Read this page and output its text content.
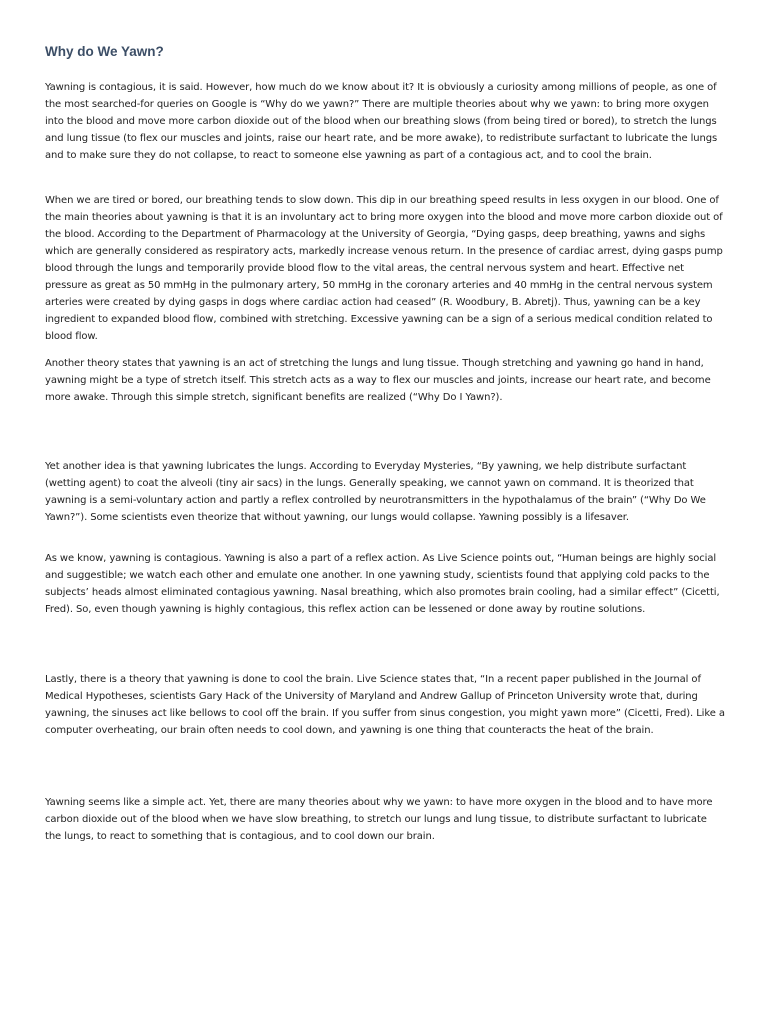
Why do We Yawn?

Yawning is contagious, it is said. However, how much do we know about it? It is obviously a curiosity among millions of people, as one of the most searched-for queries on Google is “Why do we yawn?” There are multiple theories about why we yawn: to bring more oxygen into the blood and move more carbon dioxide out of the blood when our breathing slows (from being tired or bored), to stretch the lungs and lung tissue (to flex our muscles and joints, raise our heart rate, and be more awake), to redistribute surfactant to lubricate the lungs and to make sure they do not collapse, to react to someone else yawning as part of a contagious act, and to cool the brain.

When we are tired or bored, our breathing tends to slow down. This dip in our breathing speed results in less oxygen in our blood. One of the main theories about yawning is that it is an involuntary act to bring more oxygen into the blood and move more carbon dioxide out of the blood. According to the Department of Pharmacology at the University of Georgia, “Dying gasps, deep breathing, yawns and sighs which are generally considered as respiratory acts, markedly increase venous return. In the presence of cardiac arrest, dying gasps pump blood through the lungs and temporarily provide blood flow to the vital areas, the central nervous system and heart. Effective net pressure as great as 50 mmHg in the pulmonary artery, 50 mmHg in the coronary arteries and 40 mmHg in the central nervous system arteries were created by dying gasps in dogs where cardiac action had ceased” (R. Woodbury, B. Abretj). Thus, yawning can be a key ingredient to expanded blood flow, combined with stretching. Excessive yawning can be a sign of a serious medical condition related to blood flow.

Another theory states that yawning is an act of stretching the lungs and lung tissue. Though stretching and yawning go hand in hand, yawning might be a type of stretch itself. This stretch acts as a way to flex our muscles and joints, increase our heart rate, and become more awake. Through this simple stretch, significant benefits are realized (“Why Do I Yawn?).

Yet another idea is that yawning lubricates the lungs. According to Everyday Mysteries, “By yawning, we help distribute surfactant (wetting agent) to coat the alveoli (tiny air sacs) in the lungs. Generally speaking, we cannot yawn on command. It is theorized that yawning is a semi-voluntary action and partly a reflex controlled by neurotransmitters in the hypothalamus of the brain” (“Why Do We Yawn?”). Some scientists even theorize that without yawning, our lungs would collapse. Yawning possibly is a lifesaver.

As we know, yawning is contagious. Yawning is also a part of a reflex action. As Live Science points out, “Human beings are highly social and suggestible; we watch each other and emulate one another. In one yawning study, scientists found that applying cold packs to the subjects’ heads almost eliminated contagious yawning. Nasal breathing, which also promotes brain cooling, had a similar effect” (Cicetti, Fred). So, even though yawning is highly contagious, this reflex action can be lessened or done away by routine solutions.

Lastly, there is a theory that yawning is done to cool the brain. Live Science states that, “In a recent paper published in the Journal of Medical Hypotheses, scientists Gary Hack of the University of Maryland and Andrew Gallup of Princeton University wrote that, during yawning, the sinuses act like bellows to cool off the brain. If you suffer from sinus congestion, you might yawn more” (Cicetti, Fred). Like a computer overheating, our brain often needs to cool down, and yawning is one thing that counteracts the heat of the brain.

Yawning seems like a simple act. Yet, there are many theories about why we yawn: to have more oxygen in the blood and to have more carbon dioxide out of the blood when we have slow breathing, to stretch our lungs and lung tissue, to distribute surfactant to lubricate the lungs, to react to something that is contagious, and to cool down our brain.
